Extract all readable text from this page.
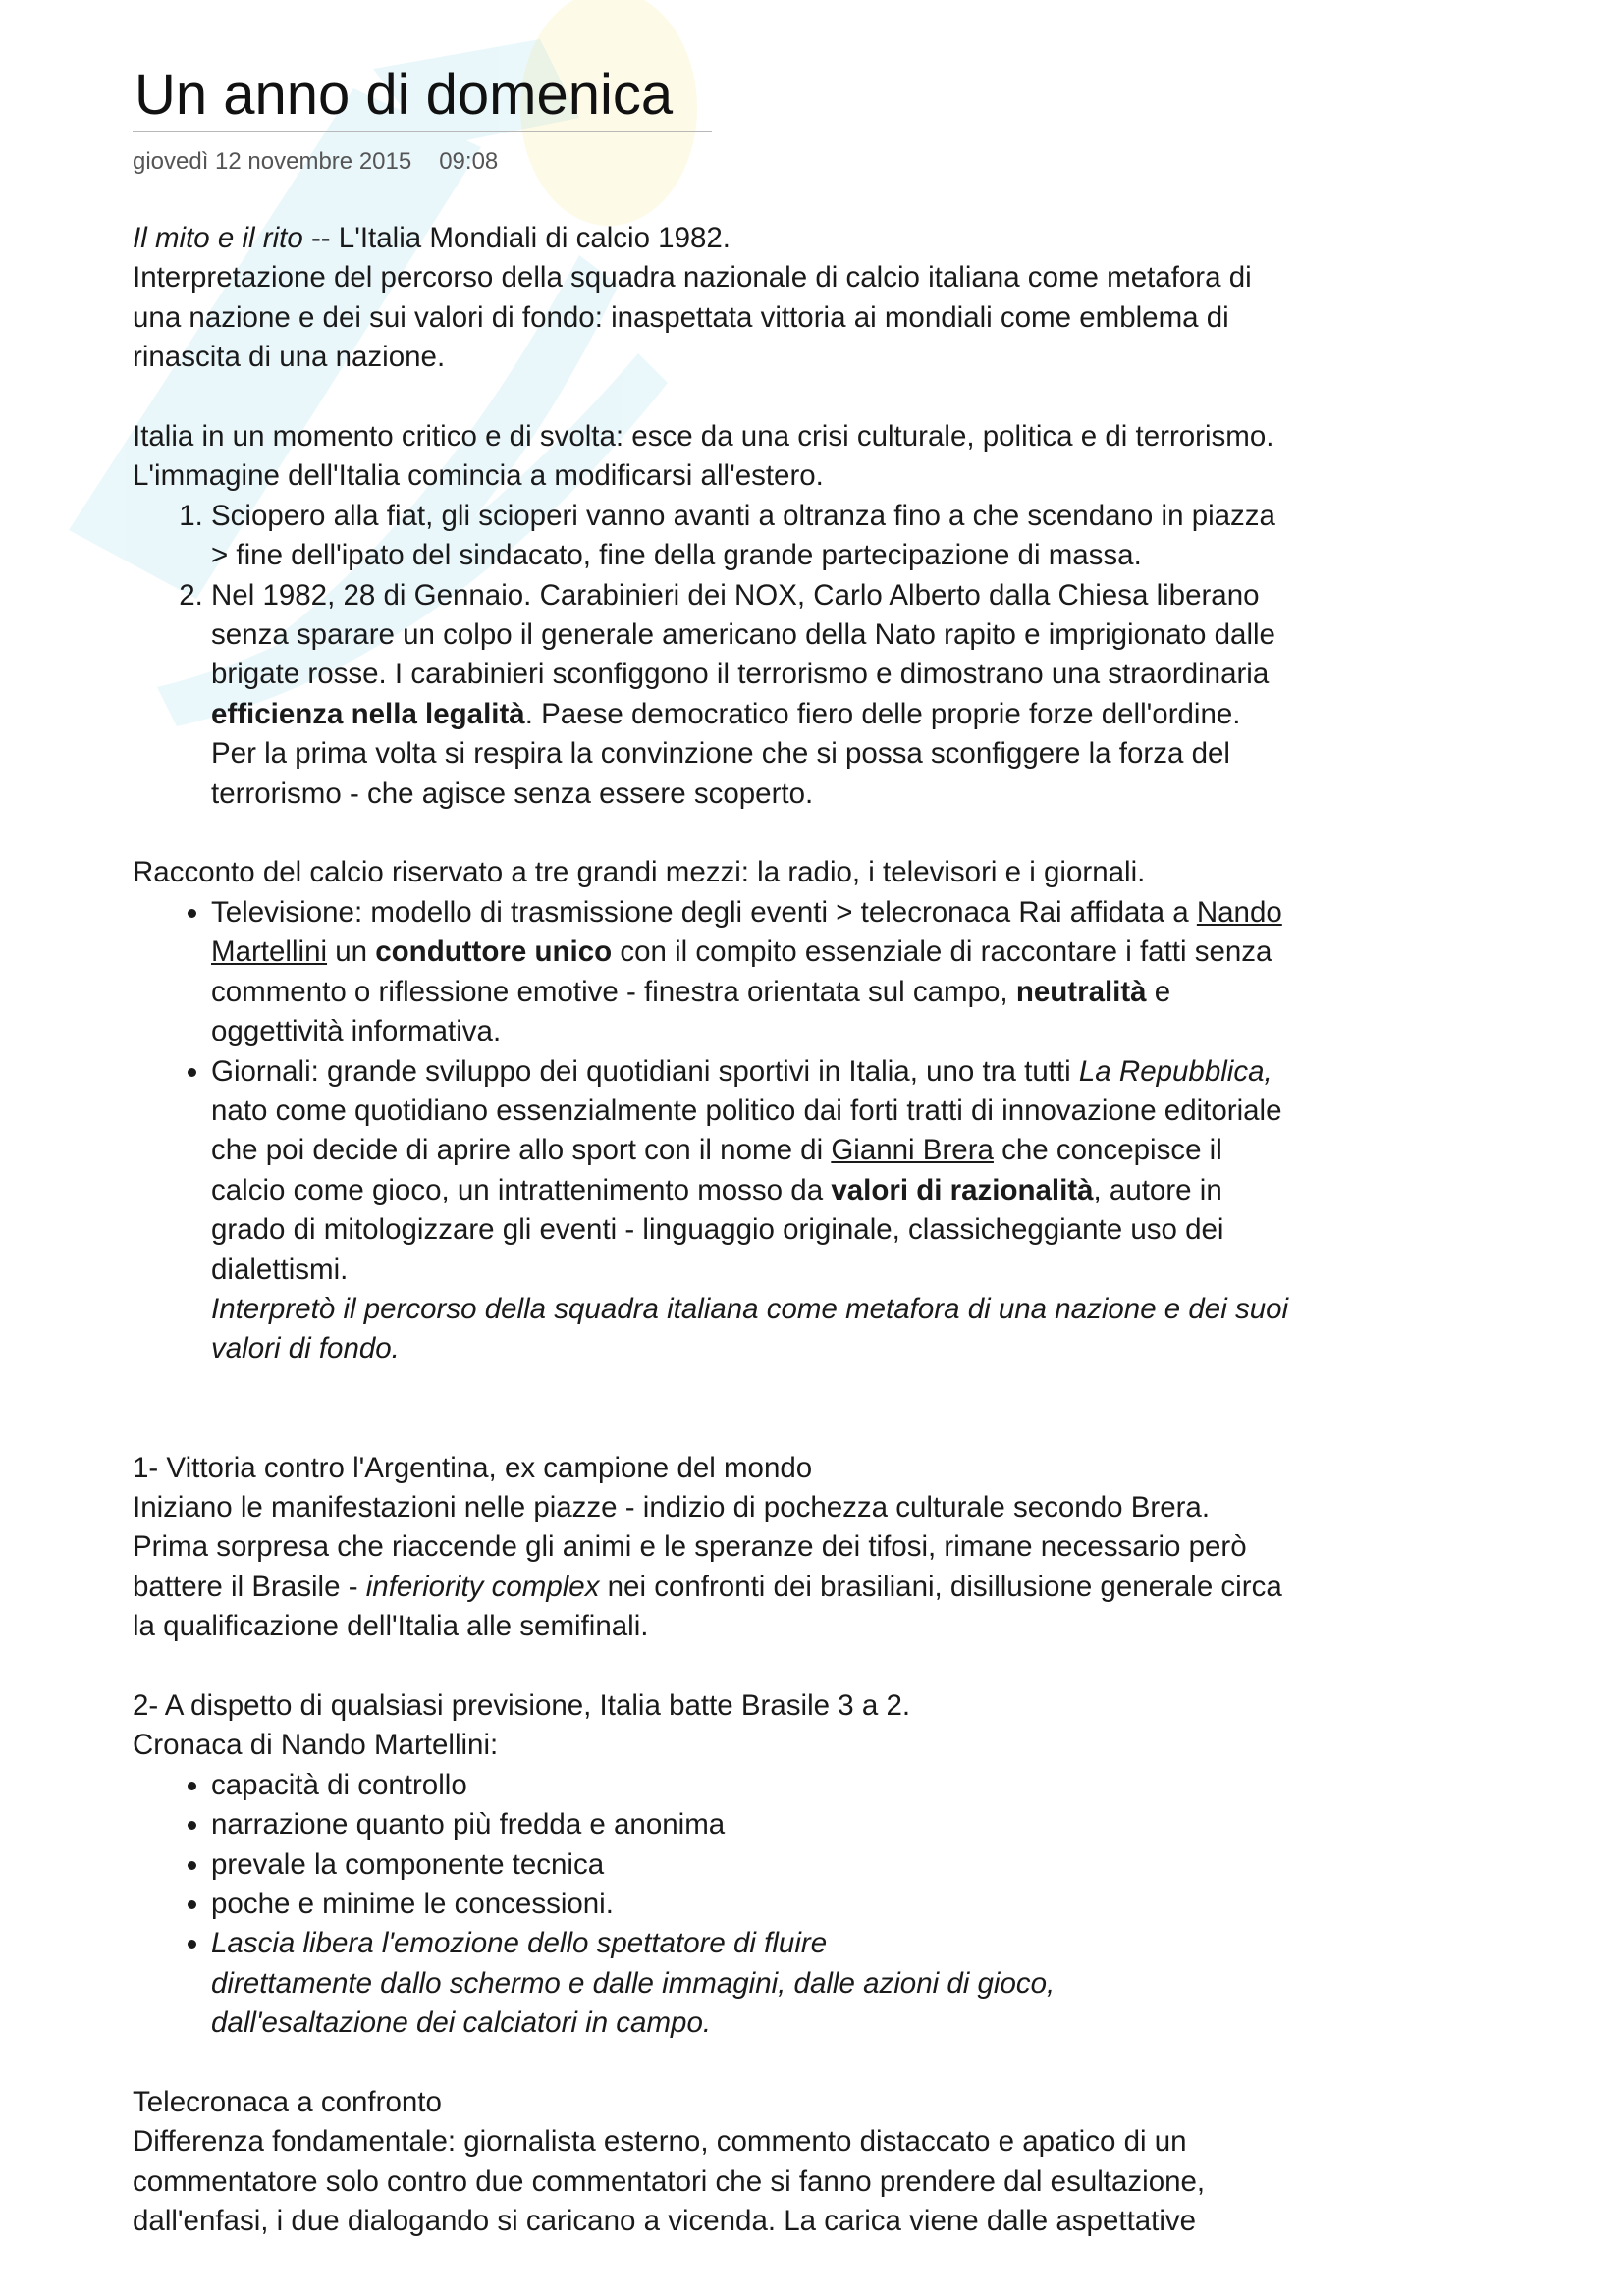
Un anno di domenica
giovedì 12 novembre 2015 09:08

Il mito e il rito -- L'Italia Mondiali di calcio 1982.

Interpretazione del percorso della squadra nazionale di calcio italiana come metafora di una nazione e dei sui valori di fondo: inaspettata vittoria ai mondiali come emblema di rinascita di una nazione.

Italia in un momento critico e di svolta: esce da una crisi culturale, politica e di terrorismo. L'immagine dell'Italia comincia a modificarsi all'estero.

1. Sciopero alla fiat, gli scioperi vanno avanti a oltranza fino a che scendano in piazza > fine dell'ipato del sindacato, fine della grande partecipazione di massa.
2. Nel 1982, 28 di Gennaio. Carabinieri dei NOX, Carlo Alberto dalla Chiesa liberano senza sparare un colpo il generale americano della Nato rapito e imprigionato dalle brigate rosse. I carabinieri sconfiggono il terrorismo e dimostrano una straordinaria efficienza nella legalità. Paese democratico fiero delle proprie forze dell'ordine. Per la prima volta si respira la convinzione che si possa sconfiggere la forza del terrorismo - che agisce senza essere scoperto.

Racconto del calcio riservato a tre grandi mezzi: la radio, i televisori e i giornali.

• Televisione: modello di trasmissione degli eventi > telecronaca Rai affidata a Nando Martellini un conduttore unico con il compito essenziale di raccontare i fatti senza commento o riflessione emotive - finestra orientata sul campo, neutralità e oggettività informativa.
• Giornali: grande sviluppo dei quotidiani sportivi in Italia, uno tra tutti La Repubblica, nato come quotidiano essenzialmente politico dai forti tratti di innovazione editoriale che poi decide di aprire allo sport con il nome di Gianni Brera che concepisce il calcio come gioco, un intrattenimento mosso da valori di razionalità, autore in grado di mitologizzare gli eventi - linguaggio originale, classicheggiante uso dei dialettismi.
Interpretò il percorso della squadra italiana come metafora di una nazione e dei suoi valori di fondo.

1- Vittoria contro l'Argentina, ex campione del mondo

Iniziano le manifestazioni nelle piazze - indizio di pochezza culturale secondo Brera. Prima sorpresa che riaccende gli animi e le speranze dei tifosi, rimane necessario però battere il Brasile - inferiority complex nei confronti dei brasiliani, disillusione generale circa la qualificazione dell'Italia alle semifinali.

2- A dispetto di qualsiasi previsione, Italia batte Brasile 3 a 2.

Cronaca di Nando Martellini:

• capacità di controllo
• narrazione quanto più fredda e anonima
• prevale la componente tecnica
• poche e minime le concessioni.
• Lascia libera l'emozione dello spettatore di fluire
direttamente dallo schermo e dalle immagini, dalle azioni di gioco,
dall'esaltazione dei calciatori in campo.

Telecronaca a confronto

Differenza fondamentale: giornalista esterno, commento distaccato e apatico di un commentatore solo contro due commentatori che si fanno prendere dal esultazione, dall'enfasi, i due dialogando si caricano a vicenda. La carica viene dalle aspettative
